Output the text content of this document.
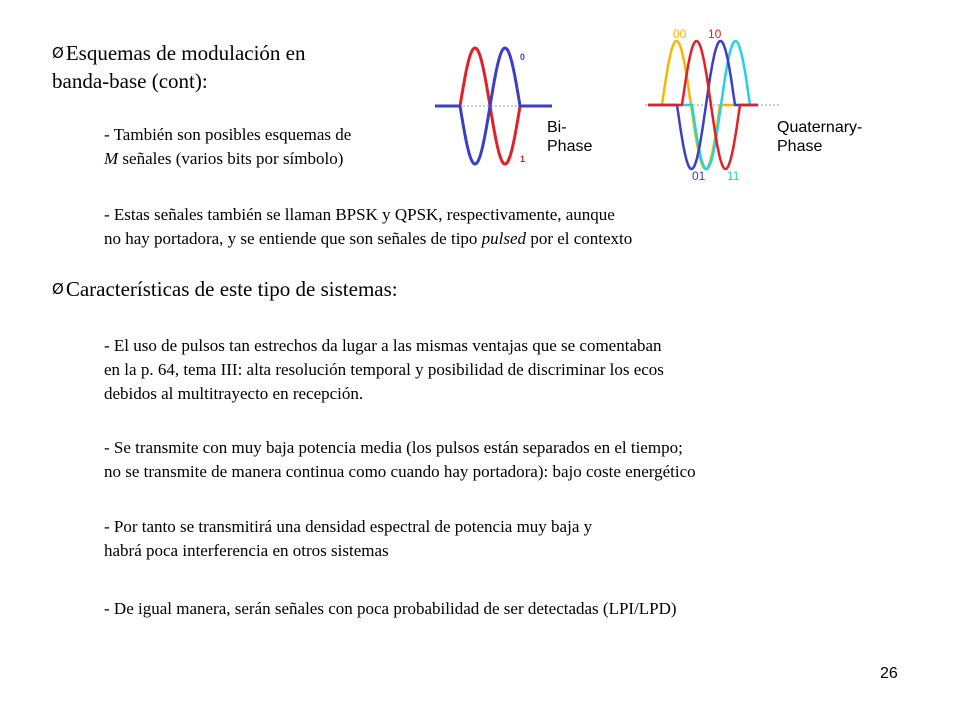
ØEsquemas de modulación en
banda-base (cont):
- También son posibles esquemas de
M señales (varios bits por símbolo)
- Estas señales también se llaman BPSK y QPSK, respectivamente, aunque
no hay portadora, y se entiende que son señales de tipo pulsed por el contexto
0
1
Bi-
Phase
00 10
01 11
Quaternary-
Phase
ØCaracterísticas de este tipo de sistemas:
- El uso de pulsos tan estrechos da lugar a las mismas ventajas que se comentaban
en la p. 64, tema III: alta resolución temporal y posibilidad de discriminar los ecos
debidos al multitrayecto en recepción.
- Se transmite con muy baja potencia media (los pulsos están separados en el tiempo;
no se transmite de manera continua como cuando hay portadora): bajo coste energético
- Por tanto se transmitirá una densidad espectral de potencia muy baja y
habrá poca interferencia en otros sistemas
- De igual manera, serán señales con poca probabilidad de ser detectadas (LPI/LPD)
26
